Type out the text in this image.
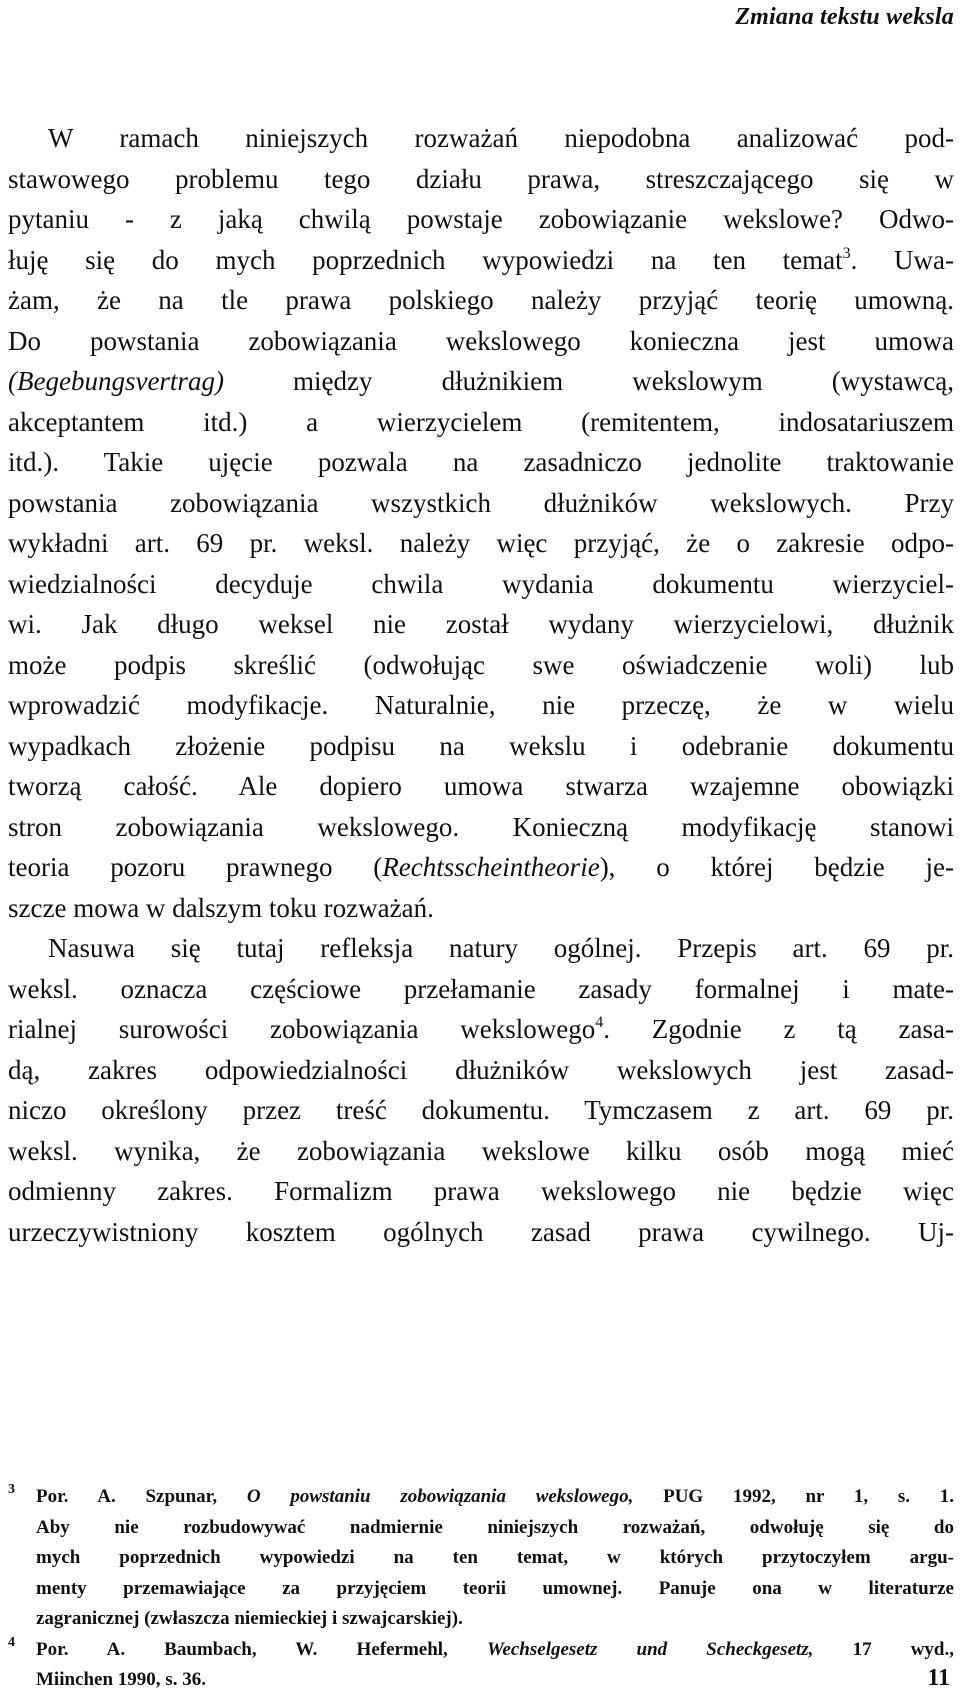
Zmiana tekstu weksla
W ramach niniejszych rozważań niepodobna analizować pod-
stawowego problemu tego działu prawa, streszczającego się w
pytaniu - z jaką chwilą powstaje zobowiązanie wekslowe? Odwo-
łuję się do mych poprzednich wypowiedzi na ten temat$^3$. Uwa-
żam, że na tle prawa polskiego należy przyjąć teorię umowną.
Do powstania zobowiązania wekslowego konieczna jest umowa
(Begebungsvertrag) między dłużnikiem wekslowym (wystawcą,
akceptantem itd.) a wierzycielem (remitentem, indosatariuszem
itd.). Takie ujęcie pozwala na zasadniczo jednolite traktowanie
powstania zobowiązania wszystkich dłużników wekslowych. Przy
wykładni art. 69 pr. weksl. należy więc przyjąć, że o zakresie odpo-
wiedzialności decyduje chwila wydania dokumentu wierzyciel-
wi. Jak długo weksel nie został wydany wierzycielowi, dłużnik
może podpis skreślić (odwołując swe oświadczenie woli) lub
wprowadzić modyfikacje. Naturalnie, nie przeczę, że w wielu
wypadkach złożenie podpisu na wekslu i odebranie dokumentu
tworzą całość. Ale dopiero umowa stwarza wzajemne obowiązki
stron zobowiązania wekslowego. Konieczną modyfikację stanowi
teoria pozoru prawnego (Rechtsscheintheorie), o której będzie je-
szcze mowa w dalszym toku rozważań.
Nasuwa się tutaj refleksja natury ogólnej. Przepis art. 69 pr.
weksl. oznacza częściowe przełamanie zasady formalnej i mate-
rialnej surowości zobowiązania wekslowego$^4$. Zgodnie z tą zasa-
dą, zakres odpowiedzialności dłużników wekslowych jest zasad-
niczo określony przez treść dokumentu. Tymczasem z art. 69 pr.
weksl. wynika, że zobowiązania wekslowe kilku osób mogą mieć
odmienny zakres. Formalizm prawa wekslowego nie będzie więc
urzeczywistniony kosztem ogólnych zasad prawa cywilnego. Uj-
3 Por. A. Szpunar, O powstaniu zobowiązania wekslowego, PUG 1992, nr 1, s. 1.
Aby nie rozbudowywać nadmiernie niniejszych rozważań, odwołuję się do
mych poprzednich wypowiedzi na ten temat, w których przytoczyłem argu-
menty przemawiające za przyjęciem teorii umownej. Panuje ona w literaturze
zagranicznej (zwłaszcza niemieckiej i szwajcarskiej).
4 Por. A. Baumbach, W. Hefermehl, Wechselgesetz und Scheckgesetz, 17 wyd.,
Miinchen 1990, s. 36.	11
